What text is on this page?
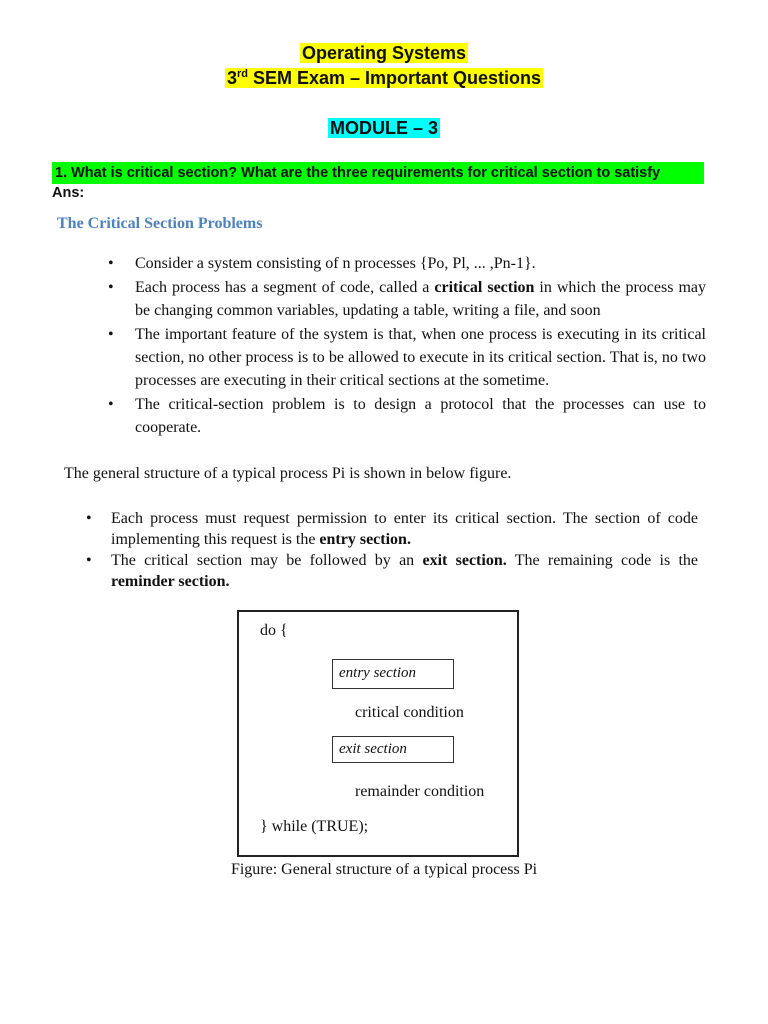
Operating Systems
3rd SEM Exam – Important Questions
MODULE – 3
1. What is critical section? What are the three requirements for critical section to satisfy
Ans:
The Critical Section Problems
• Consider a system consisting of n processes {Po, Pl, ... ,Pn-1}.
• Each process has a segment of code, called a critical section in which the process may be changing common variables, updating a table, writing a file, and soon
• The important feature of the system is that, when one process is executing in its critical section, no other process is to be allowed to execute in its critical section. That is, no two processes are executing in their critical sections at the sometime.
• The critical-section problem is to design a protocol that the processes can use to cooperate.
The general structure of a typical process Pi is shown in below figure.
• Each process must request permission to enter its critical section. The section of code implementing this request is the entry section.
• The critical section may be followed by an exit section. The remaining code is the reminder section.
do {
entry section
critical condition
exit section
remainder condition
} while (TRUE);
Figure: General structure of a typical process Pi
